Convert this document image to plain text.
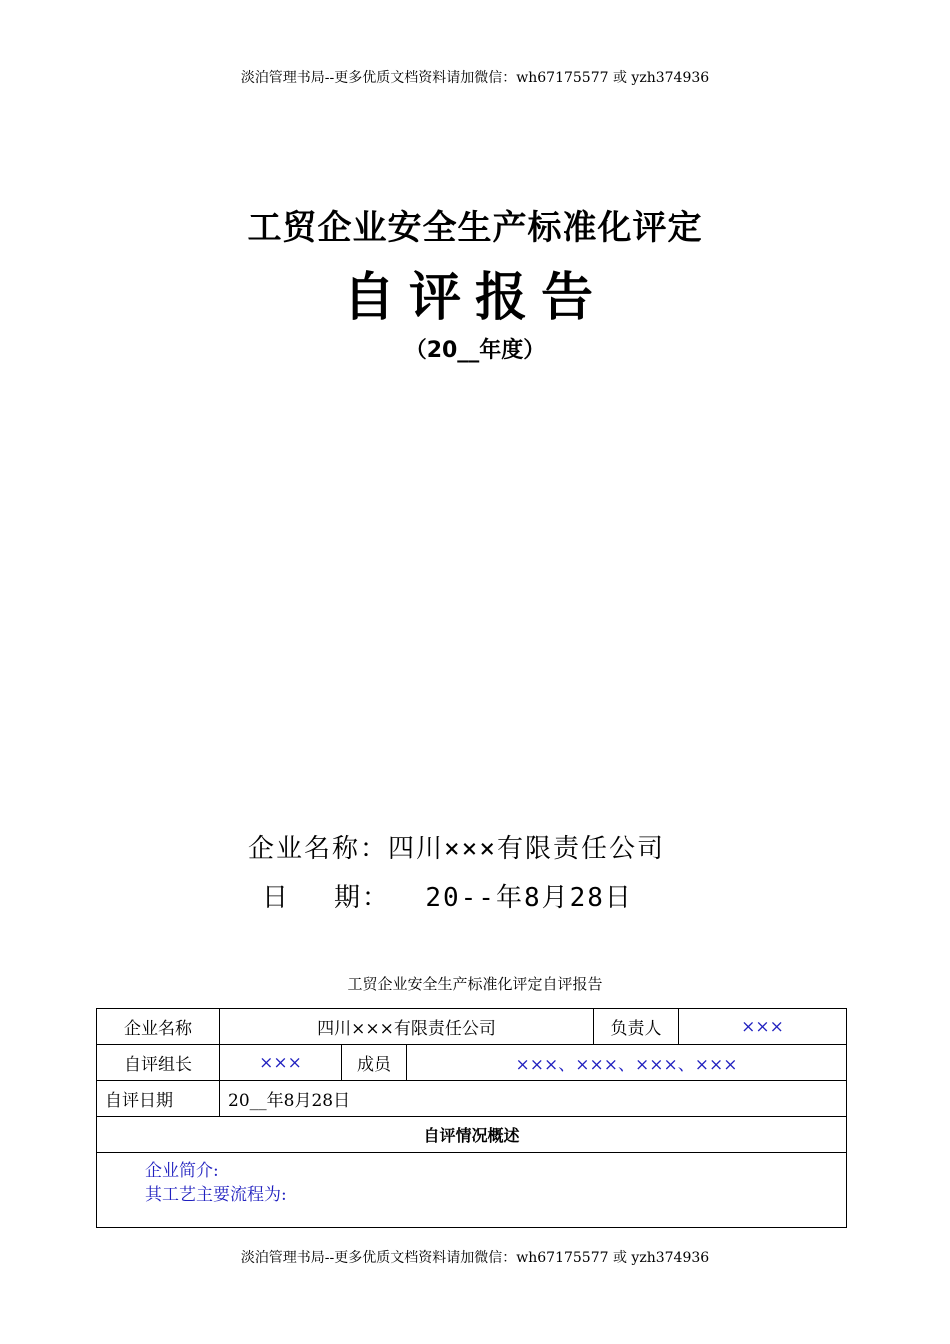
淡泊管理书局--更多优质文档资料请加微信：wh67175577 或 yzh374936
工贸企业安全生产标准化评定
自评报告
（20__年度）
企业名称：四川×××有限责任公司
日 期： 20--年8月28日
工贸企业安全生产标准化评定自评报告
企业名称	四川×××有限责任公司			负责人	×××
自评组长	×××	成员	×××、×××、×××、×××		
自评日期	20__年8月28日				
自评情况概述					

企业简介:
其工艺主要流程为:					
淡泊管理书局--更多优质文档资料请加微信：wh67175577 或 yzh374936
